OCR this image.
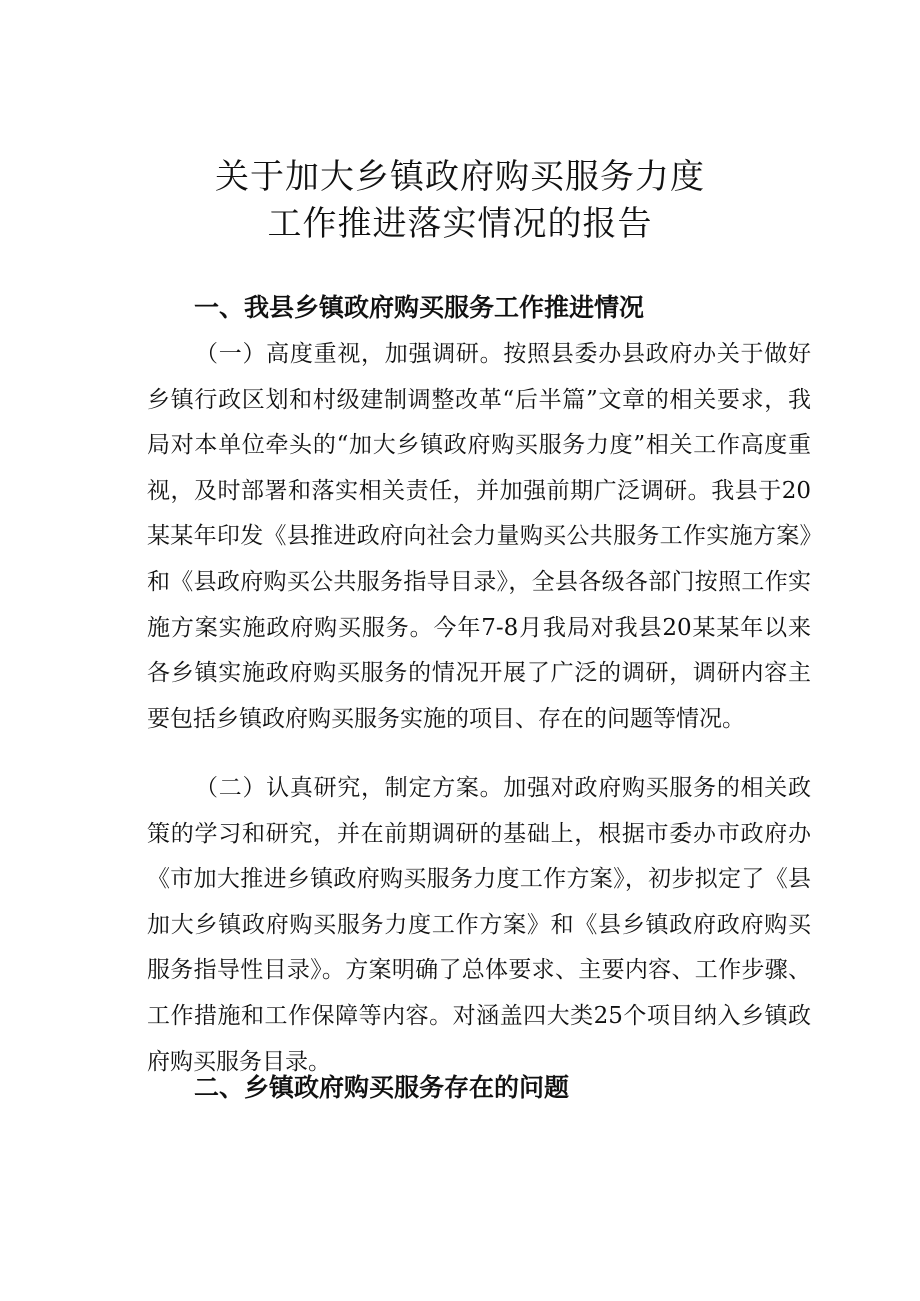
关于加大乡镇政府购买服务力度
工作推进落实情况的报告
一、我县乡镇政府购买服务工作推进情况

（一）高度重视，加强调研。按照县委办县政府办关于做好乡镇行政区划和村级建制调整改革“后半篇”文章的相关要求，我局对本单位牵头的“加大乡镇政府购买服务力度”相关工作高度重视，及时部署和落实相关责任，并加强前期广泛调研。我县于20某某年印发《县推进政府向社会力量购买公共服务工作实施方案》和《县政府购买公共服务指导目录》，全县各级各部门按照工作实施方案实施政府购买服务。今年7-8月我局对我县20某某年以来各乡镇实施政府购买服务的情况开展了广泛的调研，调研内容主要包括乡镇政府购买服务实施的项目、存在的问题等情况。

（二）认真研究，制定方案。加强对政府购买服务的相关政策的学习和研究，并在前期调研的基础上，根据市委办市政府办《市加大推进乡镇政府购买服务力度工作方案》，初步拟定了《县加大乡镇政府购买服务力度工作方案》和《县乡镇政府政府购买服务指导性目录》。方案明确了总体要求、主要内容、工作步骤、工作措施和工作保障等内容。对涵盖四大类25个项目纳入乡镇政府购买服务目录。

二、乡镇政府购买服务存在的问题
